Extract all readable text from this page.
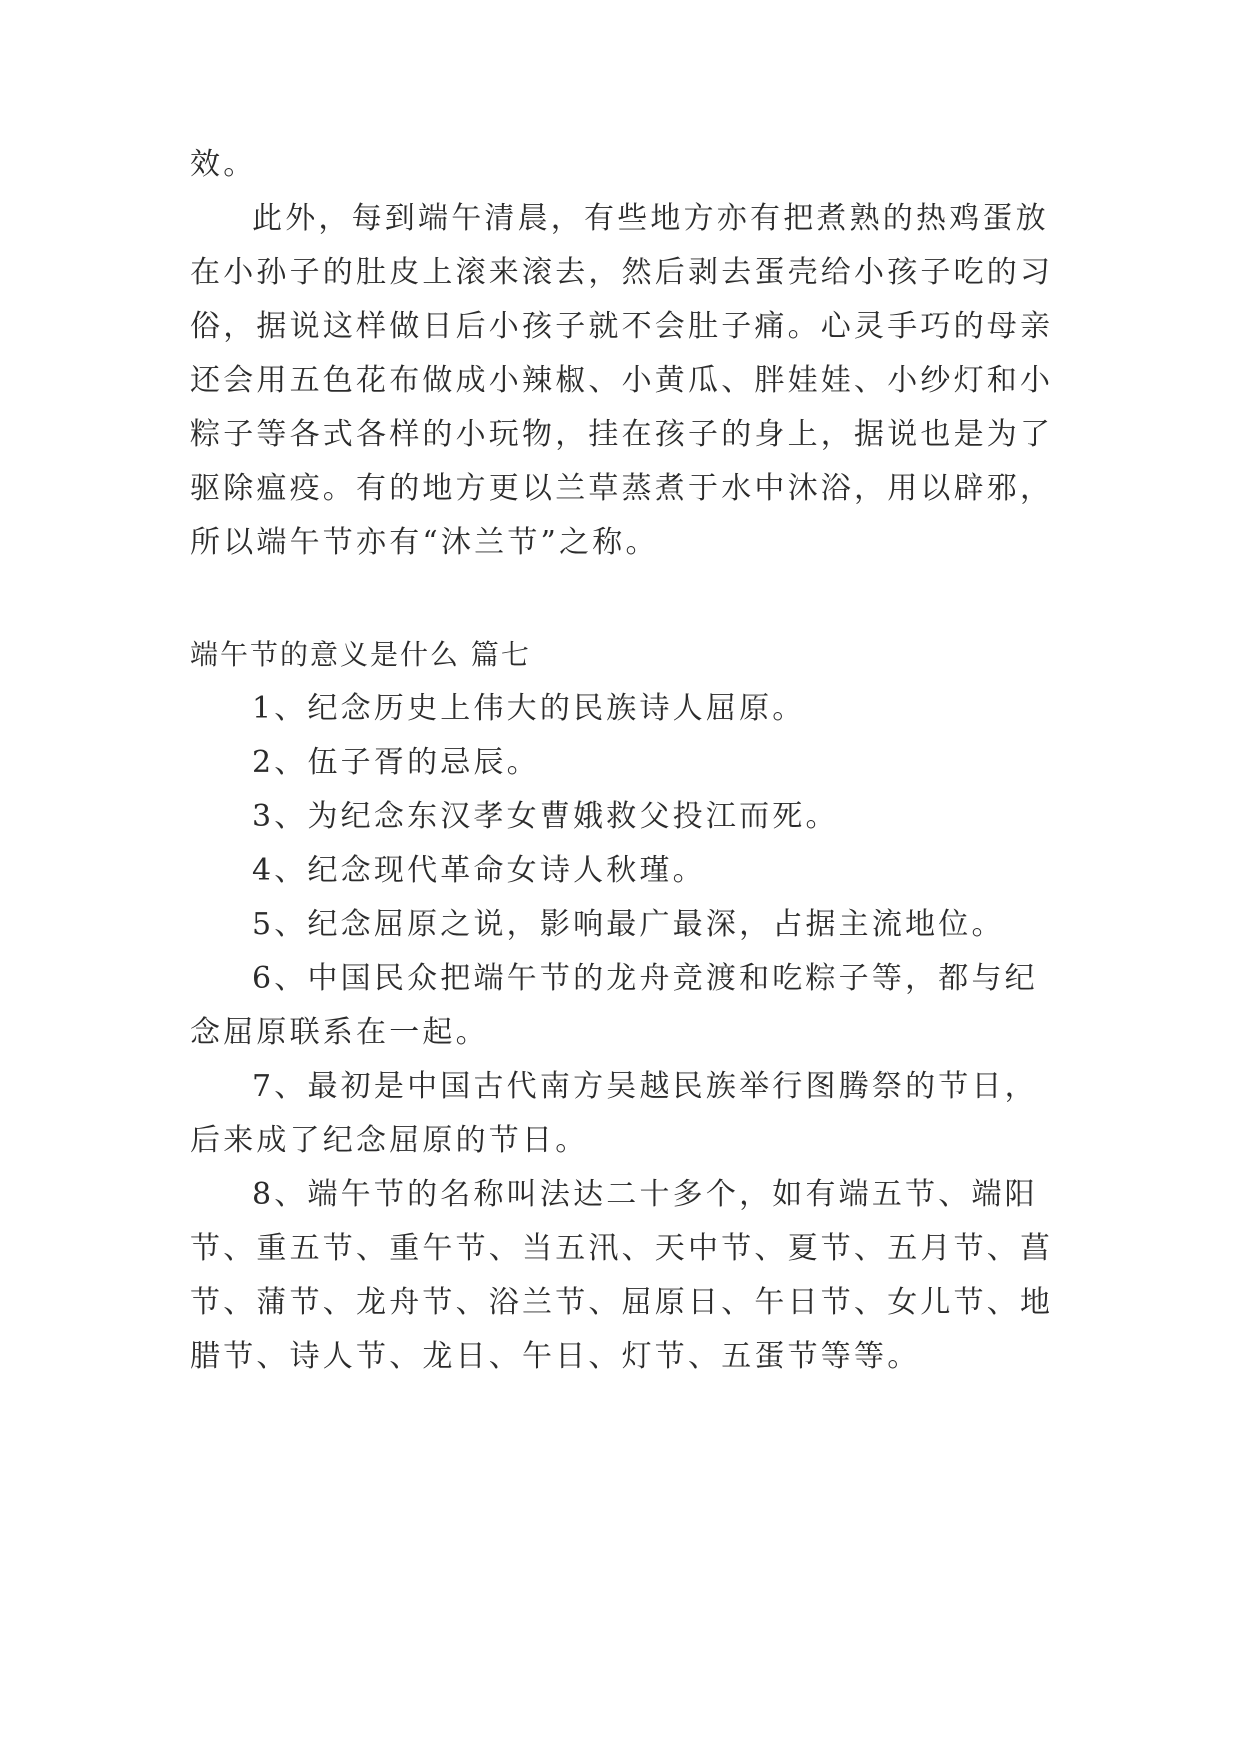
效。
此外，每到端午清晨，有些地方亦有把煮熟的热鸡蛋放
在小孙子的肚皮上滚来滚去，然后剥去蛋壳给小孩子吃的习
俗，据说这样做日后小孩子就不会肚子痛。心灵手巧的母亲
还会用五色花布做成小辣椒、小黄瓜、胖娃娃、小纱灯和小
粽子等各式各样的小玩物，挂在孩子的身上，据说也是为了
驱除瘟疫。有的地方更以兰草蒸煮于水中沐浴，用以辟邪，
所以端午节亦有“沐兰节”之称。
端午节的意义是什么 篇七
1、纪念历史上伟大的民族诗人屈原。
2、伍子胥的忌辰。
3、为纪念东汉孝女曹娥救父投江而死。
4、纪念现代革命女诗人秋瑾。
5、纪念屈原之说，影响最广最深，占据主流地位。
6、中国民众把端午节的龙舟竞渡和吃粽子等，都与纪
念屈原联系在一起。
7、最初是中国古代南方吴越民族举行图腾祭的节日，
后来成了纪念屈原的节日。
8、端午节的名称叫法达二十多个，如有端五节、端阳
节、重五节、重午节、当五汛、天中节、夏节、五月节、菖
节、蒲节、龙舟节、浴兰节、屈原日、午日节、女儿节、地
腊节、诗人节、龙日、午日、灯节、五蛋节等等。
